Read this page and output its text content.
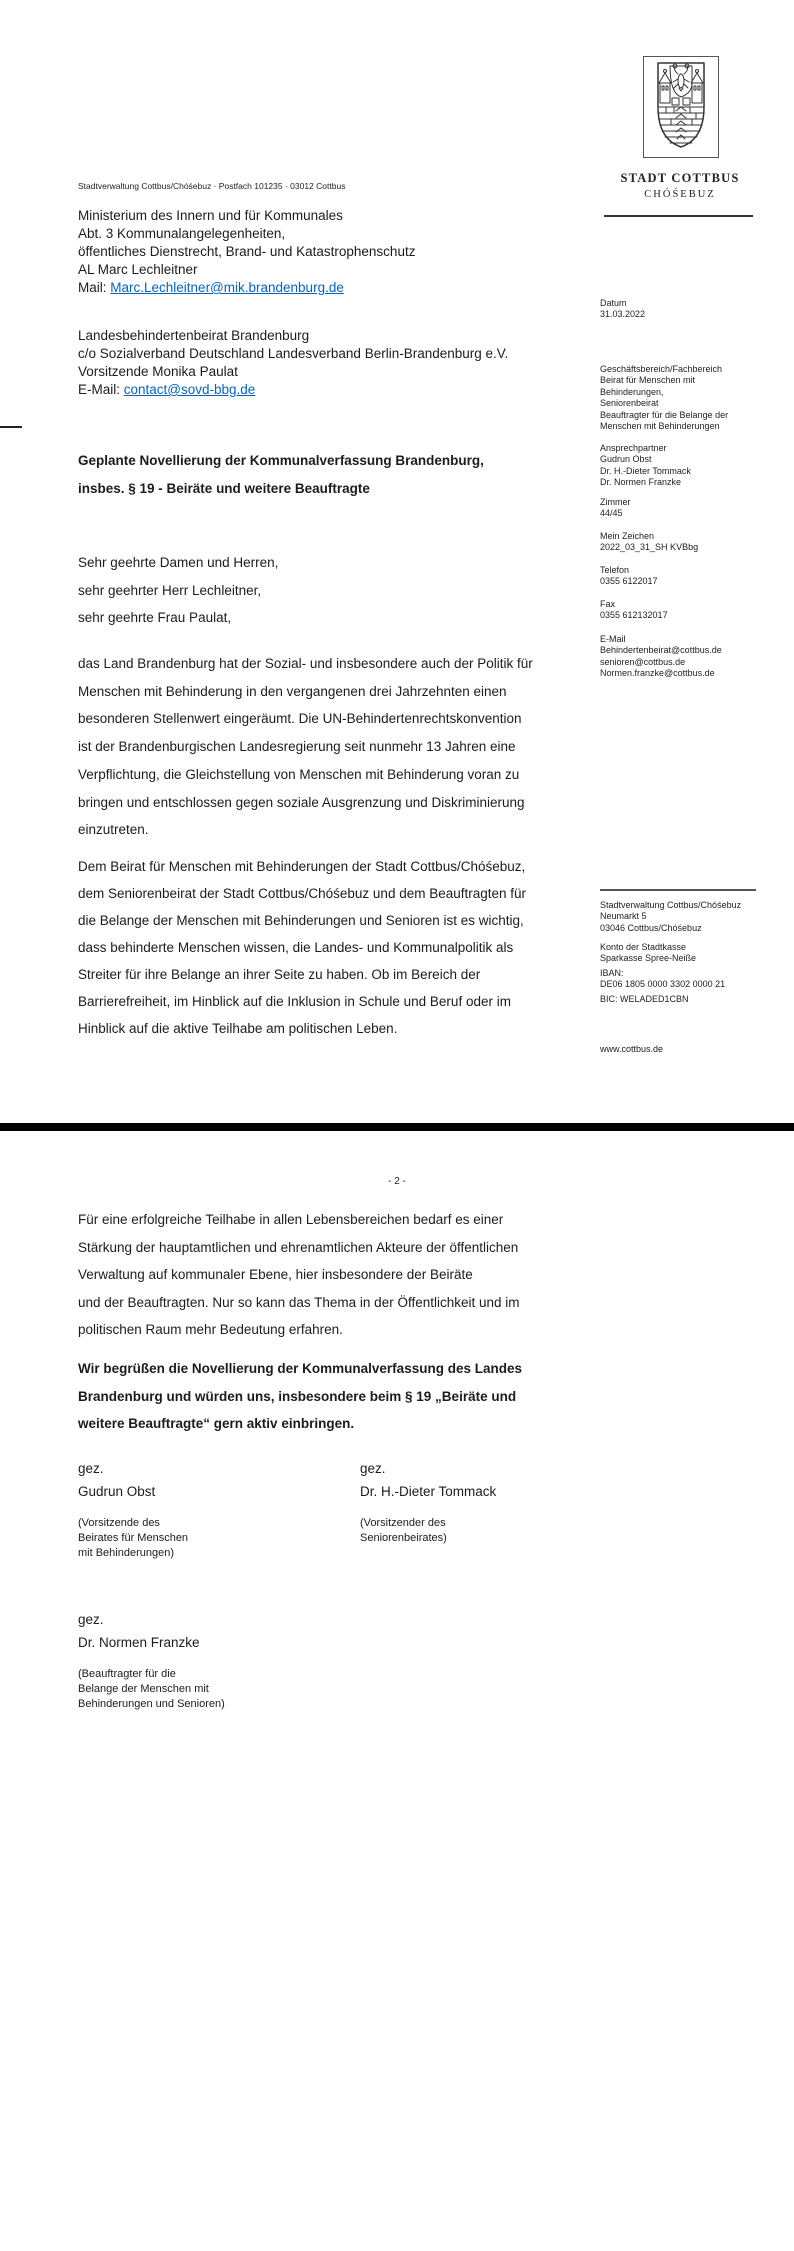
STADT COTTBUS
CHÓŚEBUZ
Stadtverwaltung Cottbus/Chóśebuz · Postfach 101235 · 03012 Cottbus
Ministerium des Innern und für Kommunales
Abt. 3 Kommunalangelegenheiten,
öffentliches Dienstrecht, Brand- und Katastrophenschutz
AL Marc Lechleitner
Mail: Marc.Lechleitner@mik.brandenburg.de
Landesbehindertenbeirat Brandenburg
c/o Sozialverband Deutschland Landesverband Berlin-Brandenburg e.V.
Vorsitzende Monika Paulat
E-Mail: contact@sovd-bbg.de
Geplante Novellierung der Kommunalverfassung Brandenburg,
insbes. § 19 - Beiräte und weitere Beauftragte
Sehr geehrte Damen und Herren,
sehr geehrter Herr Lechleitner,
sehr geehrte Frau Paulat,
das Land Brandenburg hat der Sozial- und insbesondere auch der Politik für
Menschen mit Behinderung in den vergangenen drei Jahrzehnten einen
besonderen Stellenwert eingeräumt. Die UN-Behindertenrechtskonvention
ist der Brandenburgischen Landesregierung seit nunmehr 13 Jahren eine
Verpflichtung, die Gleichstellung von Menschen mit Behinderung voran zu
bringen und entschlossen gegen soziale Ausgrenzung und Diskriminierung
einzutreten.
Dem Beirat für Menschen mit Behinderungen der Stadt Cottbus/Chóśebuz,
dem Seniorenbeirat der Stadt Cottbus/Chóśebuz und dem Beauftragten für
die Belange der Menschen mit Behinderungen und Senioren ist es wichtig,
dass behinderte Menschen wissen, die Landes- und Kommunalpolitik als
Streiter für ihre Belange an ihrer Seite zu haben. Ob im Bereich der
Barrierefreiheit, im Hinblick auf die Inklusion in Schule und Beruf oder im
Hinblick auf die aktive Teilhabe am politischen Leben.
Datum
31.03.2022
Geschäftsbereich/Fachbereich
Beirat für Menschen mit
Behinderungen,
Seniorenbeirat
Beauftragter für die Belange der
Menschen mit Behinderungen
Ansprechpartner
Gudrun Obst
Dr. H.-Dieter Tommack
Dr. Normen Franzke
Zimmer
44/45
Mein Zeichen
2022_03_31_SH KVBbg
Telefon
0355 6122017
Fax
0355 612132017
E-Mail
Behindertenbeirat@cottbus.de
senioren@cottbus.de
Normen.franzke@cottbus.de
Stadtverwaltung Cottbus/Chóśebuz
Neumarkt 5
03046 Cottbus/Chóśebuz
Konto der Stadtkasse
Sparkasse Spree-Neiße
IBAN:
DE06 1805 0000 3302 0000 21
BIC: WELADED1CBN
www.cottbus.de
- 2 -
Für eine erfolgreiche Teilhabe in allen Lebensbereichen bedarf es einer
Stärkung der hauptamtlichen und ehrenamtlichen Akteure der öffentlichen
Verwaltung auf kommunaler Ebene, hier insbesondere der Beiräte
und der Beauftragten. Nur so kann das Thema in der Öffentlichkeit und im
politischen Raum mehr Bedeutung erfahren.
Wir begrüßen die Novellierung der Kommunalverfassung des Landes
Brandenburg und würden uns, insbesondere beim § 19 „Beiräte und
weitere Beauftragte“ gern aktiv einbringen.
gez.
Gudrun Obst
(Vorsitzende des
Beirates für Menschen
mit Behinderungen)
gez.
Dr. H.-Dieter Tommack
(Vorsitzender des
Seniorenbeirates)
gez.
Dr. Normen Franzke
(Beauftragter für die
Belange der Menschen mit
Behinderungen und Senioren)
